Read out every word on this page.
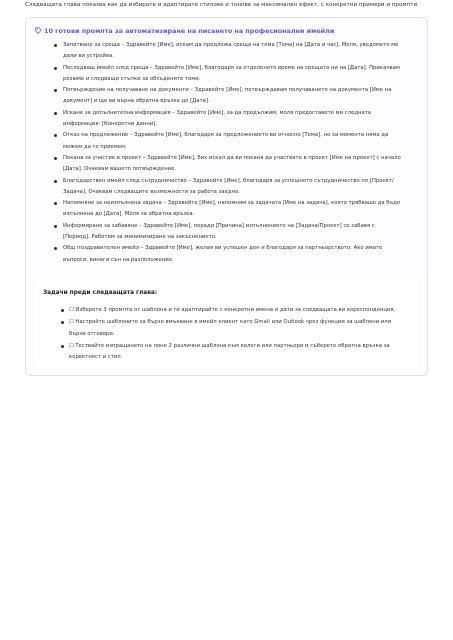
Следващата глава показва как да избирате и адаптирате стилове и тонове за максимален ефект, с конкретни примери и промпти.
10 готови промпта за автоматизиране на писането на професионални имейли
Запитване за среща – Здравейте [Име], искам да предложа среща на тема [Тема] на [Дата и час]. Моля, уведомете ме дали ви устройва.
Последващ имейл след среща – Здравейте [Име], благодаря за отделеното време на срещата ни на [Дата]. Прикачвам резюме и следващи стъпки за обсъдените теми.
Потвърждение на получаване на документи – Здравейте [Име], потвърждавам получаването на документа [Име на документ] и ще ви върна обратна връзка до [Дата].
Искане за допълнителна информация – Здравейте [Име], за да продължим, моля предоставете ми следната информация: [Конкретни данни].
Отказ на предложение – Здравейте [Име], благодаря за предложението ви относно [Тема], но за момента няма да можем да го приемем.
Покана за участие в проект – Здравейте [Име], бих искал да ви поканя да участвате в проект [Име на проект] с начало [Дата]. Очаквам вашето потвърждение.
Благодарствен имейл след сътрудничество – Здравейте [Име], благодаря за успешното сътрудничество по [Проект/Задача]. Очаквам следващите възможности за работа заедно.
Напомняне за неизпълнена задача – Здравейте [Име], напомням за задачата [Име на задача], която трябваше да бъде изпълнена до [Дата]. Моля за обратна връзка.
Информиране за забавяне – Здравейте [Име], поради [Причина] изпълнението на [Задача/Проект] се забавя с [Период]. Работим за минимизиране на закъснението.
Общ поздравителен имейл – Здравейте [Име], желая ви успешен ден и благодаря за партньорството. Ако имате въпроси, винаги сън на разположение.
Задачи преди следващата глава:
☐ Изберете 3 промпта от шаблона и ги адаптирайте с конкретни имена и дати за следващата ви кореспонденция.
☐ Настройте шаблоните за бързо вмъкване в имейл клиент като Gmail или Outlook чрез функции за шаблони или бързи отговори.
☐ Тествайте изпращането на поне 2 различни шаблона към колеги или партньори и съберете обратна връзка за коректност и стил.
